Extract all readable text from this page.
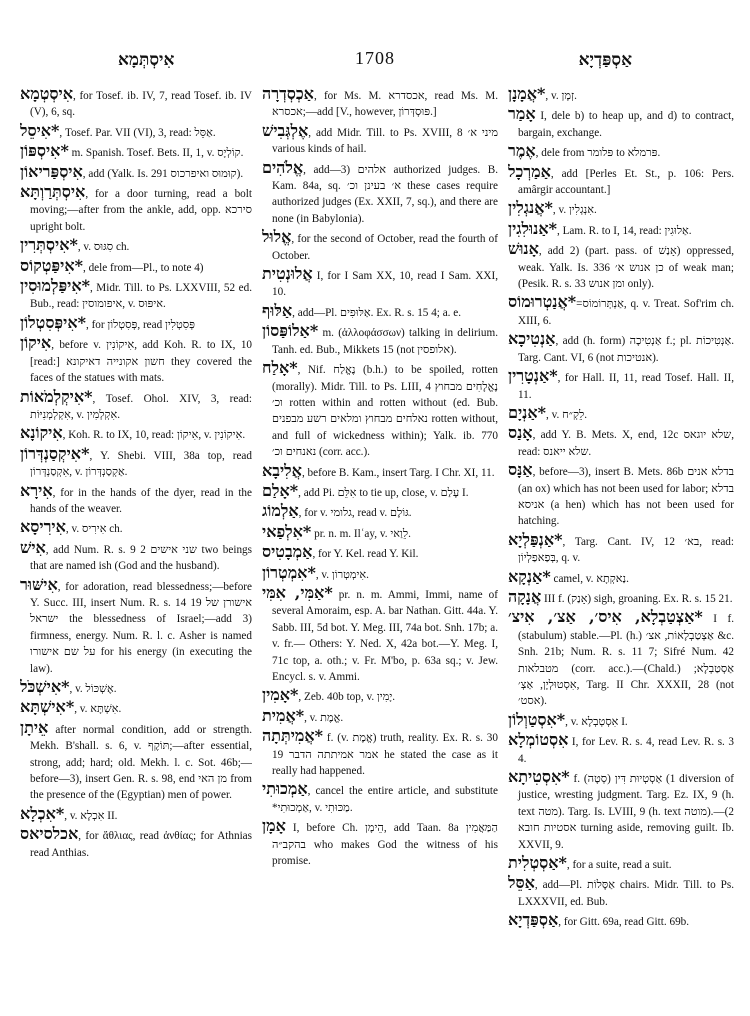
אִיסְתְּמָא	1708	אַסְפַּדְיָא

אִיסְטְמָא, for Tosef. ib. IV, 7, read Tosef. ib. IV (V), 6, sq.

*אִיסֵל, Tosef. Par. VII (VI), 3, read: אַסֵּל.

*אִיסְפּוֹן m. Spanish. Tosef. Bets. II, 1, v. קוֹלְיָס.

אִיסְפַּריאוֹן, add (Yalk. Is. 291 קוּמוּס ואיפרכוס).

אִיסְתְּרַוְתָּא, for a door turning, read a bolt moving;—after from the ankle, add, opp. סירכא upright bolt.

*אִיסְתְּרִין, v. סִגּוּס ch.

*אִיפַּטְקוֹס, dele from—Pl., to note 4)

*אִיפַּלְמוּסִין, Midr. Till. to Ps. LXXVIII, 52 ed. Bub., read: איפומוסין, v. איפּוּס.

*אִיפְּסִטְלוֹן, for פְּסִטְלוֹן, read פְּסִטְלִין

אִיקוֹן, before v. אִיקוֹנִין, add Koh. R. to IX, 10 [read:] חשון אקונייה דאיקונא they covered the faces of the statues with mats.

*אִיקְלְמֹאוֹת, Tosef. Ohol. XIV, 3, read: אִקְלְמְנִיּוֹת, v. אִקְלְמִין.

אִיקוֹנָא, Koh. R. to IX, 10, read: אִיקוֹן, v. אִיקוֹנִין.

*אִיקְסַנְדְּרוֹן, Y. Shebi. VIII, 38a top, read אִקְסַנְדְּרוֹן, v. אַקְסַנְדְּרוֹן.

אִירָא, for in the hands of the dyer, read in the hands of the weaver.

אִירִיסָא, v. אִירִיס ch.

אִישׁ, add Num. R. s. 9 2 שני אישים two beings that are named ish (God and the husband).

אִישּׁוּר, for adoration, read blessedness;—before Y. Succ. III, insert Num. R. s. 14 19 אישורן של ישראל the blessedness of Israel;—add 3) firmness, energy. Num. R. l. c. Asher is named על שם אישורו for his energy (in executing the law).

*אִישְׁכֹּל, v. אֶשְׁכּוֹל.

*אִישְׁתָּא, v. אִשְׁתָּא.

אֵיתָן after normal condition, add or strength. Mekh. B'shall. s. 6, v. תּוֹקֶף;—after essential, strong, add; hard; old. Mekh. l. c. Sot. 46b;—before—3), insert Gen. R. s. 98, end מן האי from the presence of the (Egyptian) men of power.

*אִכְלָא, v. אִכְלָא II.

אכלסיאס, for ἄθλιας, read ἀνθίας; for Athnias read Anthias.

אַכְסְדְרָה, for Ms. M. אכסדרא, read Ms. M. אכסרא;—add [V., however, פּוּסְדְּרוֹן.]

אֶלְגְּבִישׁ, add Midr. Till. to Ps. XVIII, 8 מיני א׳ various kinds of hail.

אֱלֹהִים, add—3) אלהים authorized judges. B. Kam. 84a, sq. א׳ בעינן וכ׳ these cases require authorized judges (Ex. XXII, 7, sq.), and there are none (in Babylonia).

אֱלוּל, for the second of October, read the fourth of October.

אֲלוּנְטִית I, for I Sam XX, 10, read I Sam. XXI, 10.

אַלּוּף, add—Pl. אַלּוּפִים. Ex. R. s. 15 4; a. e.

*אַלוֹפַּסוֹן m. (ἀλλοφάσσων) talking in delirium. Tanh. ed. Bub., Mikkets 15 (not אלופסין).

*אָלַח, Nif. נֶאֱלַח (b.h.) to be spoiled, rotten (morally). Midr. Till. to Ps. LIII, 4 נֶאֱלָחִים מבחוץ וכ׳ rotten within and rotten without (ed. Bub. נאלחים מבחוץ ומלאים רשע מבפנים rotten without, and full of wickedness within); Yalk. ib. 770 נאנחים וכ׳ (corr. acc.).

אֲלִיבָא, before B. Kam., insert Targ. I Chr. XI, 11.

*אָלַם, add Pi. אִלֵּם to tie up, close, v. עָלַם I.

אַלְמוֹג, for v. גלומי, read v. גּוֹלֶם.

*אִלְפַאי pr. n. m. Ilʿay, v. לֵוַאי.

אַמְבָטִיס, for Y. Kel. read Y. Kil.

*אִמְטְרוֹן, v. אִימְטְרוֹן.

*אַמִּי, אִמִּי pr. n. m. Ammi, Immi, name of several Amoraim, esp. A. bar Nathan. Gitt. 44a. Y. Sabb. III, 5d bot. Y. Meg. III, 74a bot. Snh. 17b; a. v. fr.— Others: Y. Ned. X, 42a bot.—Y. Meg. I, 71c top, a. oth.; v. Fr. M'bo, p. 63a sq.; v. Jew. Encycl. s. v. Ammi.

*אָמִין, Zeb. 40b top, v. יָמִין.

*אֲמִית, v. אֱמֶת.

*אֲמִיתְּתָה f. (v. אֱמֶת) truth, reality. Ex. R. s. 30 19 אמר אמיתתה הדבר he stated the case as it really had happened.

אַמְכוּתִי, cancel the entire article, and substitute *אַמְכוּתִי, v. מַכּוּתִי.

אָמָן I, before Ch. הֵימָן, add Taan. 8a הַמַּאֲמִין בהקב״ה who makes God the witness of his promise.

*אֲמָנָן, v. זְמָן.

אָמַר I, dele b) to heap up, and d) to contract, bargain, exchange.

אֶמֶר, dele from פּלומר to פּרמלא.

אַמַרְכָל, add [Perles Et. St., p. 106: Pers. amârgir accountant.]

*אֲנגְלִין, v. אִנְגְלִין.

*אַנוּלִגִין, Lam. R. to I, 14, read: אַלוּגִין.

אָנוּשׁ, add 2) (part. pass. of אָנַשׁ) oppressed, weak. Yalk. Is. 336 כן אנוש א׳ of weak man; (Pesik. R. s. 33 ומן אנוש only).

*אֲנַטְרוּמוֹס=אַנְתְּרוֹמוֹס, q. v. Treat. Sof'rim ch. XIII, 6.

אַנְטִיכָא, add (h. form) אַנְטִיכָה f.; pl. אַנְטִיכוֹת. Targ. Cant. VI, 6 (not אנטיכות).

*אַנְטָרִין, for Hall. II, 11, read Tosef. Hall. II, 11.

*אַנְיָם, v. לֵקְ״ח.

אָנַס, add Y. B. Mets. X, end, 12c שלא יוגאס, read: שלא ייאנס.

אַנָּס, before—3), insert B. Mets. 86b בדלא אנים (an ox) which has not been used for labor; בדלא אניסא (a hen) which has not been used for hatching.

*אַנְפַּלְיָא, Targ. Cant. IV, 12 בא׳, read: בְּפַאפַלְיוֹן, q. v.

*אַנְקָא camel, v. נַאקְתָא.

אֲנָקָה III f. (אָנַק) sigh, groaning. Ex. R. s. 15 21.

*אַצְטַבְלָא, אִיס׳, אַצ׳, אִיצ׳ I f. (stabulum) stable.—Pl. (h.) אַצְטַבְלָאוֹת, אצ׳ &c. Snh. 21b; Num. R. s. 11 7; Sifré Num. 42 מטבלאות (corr. acc.).—(Chald.) אַסְטַבְלָא; אִסְטוּלְיָן, אַצְ׳, Targ. II Chr. XXXII, 28 (not אסט׳).

*אִסְטַוְלוֹן, v. אִסְטְבְלָא I.

אִסְטוֹמְלָא I, for Lev. R. s. 4, read Lev. R. s. 3 4.

*אִסְטִיתָא f. (סְטָה) 1) אַסְטְיוּת דִּין diversion of justice, wresting judgment. Targ. Ez. IX, 9 (h. text מטה). Targ. Is. LVIII, 9 (h. text מוטה).—2) אסטיות חובא turning aside, removing guilt. Ib. XXVII, 9.

*אַסְטְלִית, for a suite, read a suit.

אַסֵּל, add—Pl. אַסָּלוֹת chairs. Midr. Till. to Ps. LXXXVII, ed. Bub.

אַסְפַּדְיָא, for Gitt. 69a, read Gitt. 69b.
